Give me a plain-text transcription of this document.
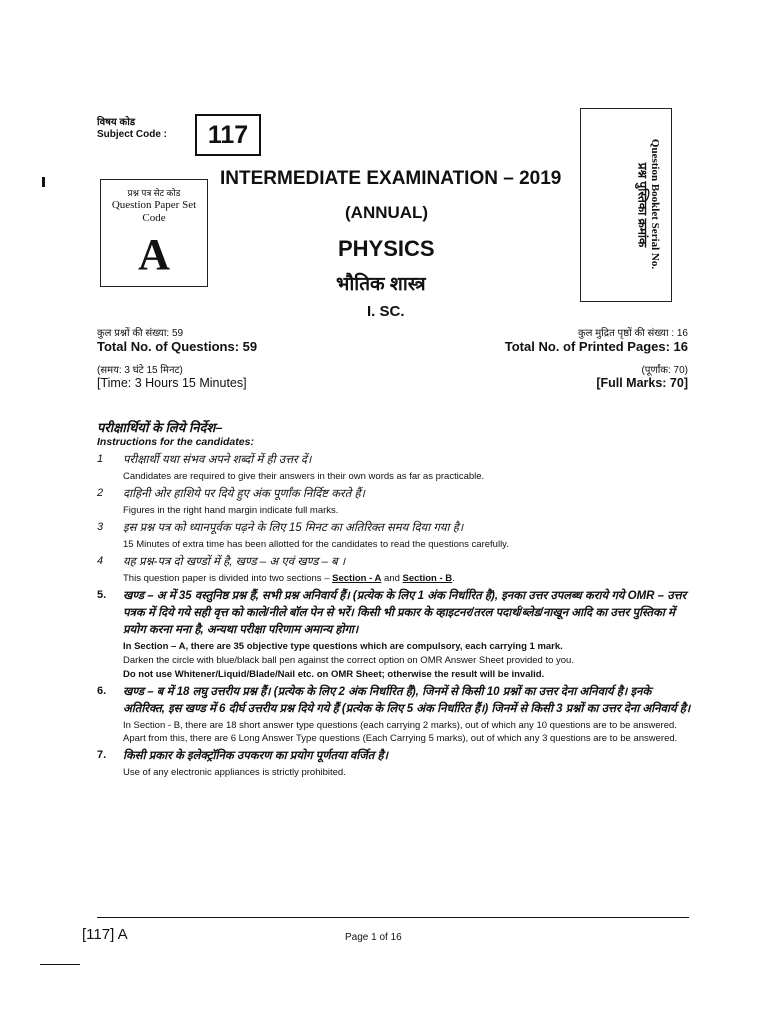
विषय कोड
Subject Code :	117
प्रश्न पत्र सेट कोड
Question Paper Set Code
A
प्रश्न पुस्तिका क्रमांक Question Booklet Serial No.
INTERMEDIATE EXAMINATION – 2019
(ANNUAL)
PHYSICS
भौतिक शास्त्र
I. SC.
कुल प्रश्नों की संख्या: 59
Total No. of Questions: 59
(समय: 3 घंटे 15 मिनट)
[Time: 3 Hours 15 Minutes]
कुल मुद्रित पृष्ठों की संख्या : 16
Total No. of Printed Pages: 16
(पूर्णांक: 70)
[Full Marks: 70]
परीक्षार्थियों के लिये निर्देश–
Instructions for the candidates:
1	परीक्षार्थी यथा संभव अपने शब्दों में ही उत्तर दें।
Candidates are required to give their answers in their own words as far as practicable.
2	दाहिनी ओर हाशिये पर दिये हुए अंक पूर्णांक निर्दिष्ट करते हैं।
Figures in the right hand margin indicate full marks.
3	इस प्रश्न पत्र को ध्यानपूर्वक पढ़ने के लिए 15 मिनट का अतिरिक्त समय दिया गया है।
15 Minutes of extra time has been allotted for the candidates to read the questions carefully.
4	यह प्रश्न-पत्र दो खण्डों में है, खण्ड – अ एवं खण्ड – ब ।
This question paper is divided into two sections – Section - A and Section - B.
5.	खण्ड – अ में 35 वस्तुनिष्ठ प्रश्न हैं, सभी प्रश्न अनिवार्य हैं। (प्रत्येक के लिए 1 अंक निर्धारित है), इनका उत्तर उपलब्ध कराये गये OMR – उत्तर पत्रक में दिये गये सही वृत्त को काले/नीले बॉल पेन से भरें। किसी भी प्रकार के व्हाइटनर/तरल पदार्थ/ब्लेड/नाखून आदि का उत्तर पुस्तिका में प्रयोग करना मना है, अन्यथा परीक्षा परिणाम अमान्य होगा।
In Section – A, there are 35 objective type questions which are compulsory, each carrying 1 mark.
Darken the circle with blue/black ball pen against the correct option on OMR Answer Sheet provided to you.
Do not use Whitener/Liquid/Blade/Nail etc. on OMR Sheet; otherwise the result will be invalid.
6.	खण्ड – ब में 18 लघु उत्तरीय प्रश्न हैं। (प्रत्येक के लिए 2 अंक निर्धारित हैं), जिनमें से किसी 10 प्रश्नों का उत्तर देना अनिवार्य है। इनके अतिरिक्त, इस खण्ड में 6 दीर्घ उत्तरीय प्रश्न दिये गये हैं (प्रत्येक के लिए 5 अंक निर्धारित हैं।) जिनमें से किसी 3 प्रश्नों का उत्तर देना अनिवार्य है।
In Section - B, there are 18 short answer type questions (each carrying 2 marks), out of which any 10 questions are to be answered. Apart from this, there are 6 Long Answer Type questions (Each Carrying 5 marks), out of which any 3 questions are to be answered.
7.	किसी प्रकार के इलेक्ट्रॉनिक उपकरण का प्रयोग पूर्णतया वर्जित है।
Use of any electronic appliances is strictly prohibited.
[117] A	Page 1 of 16
